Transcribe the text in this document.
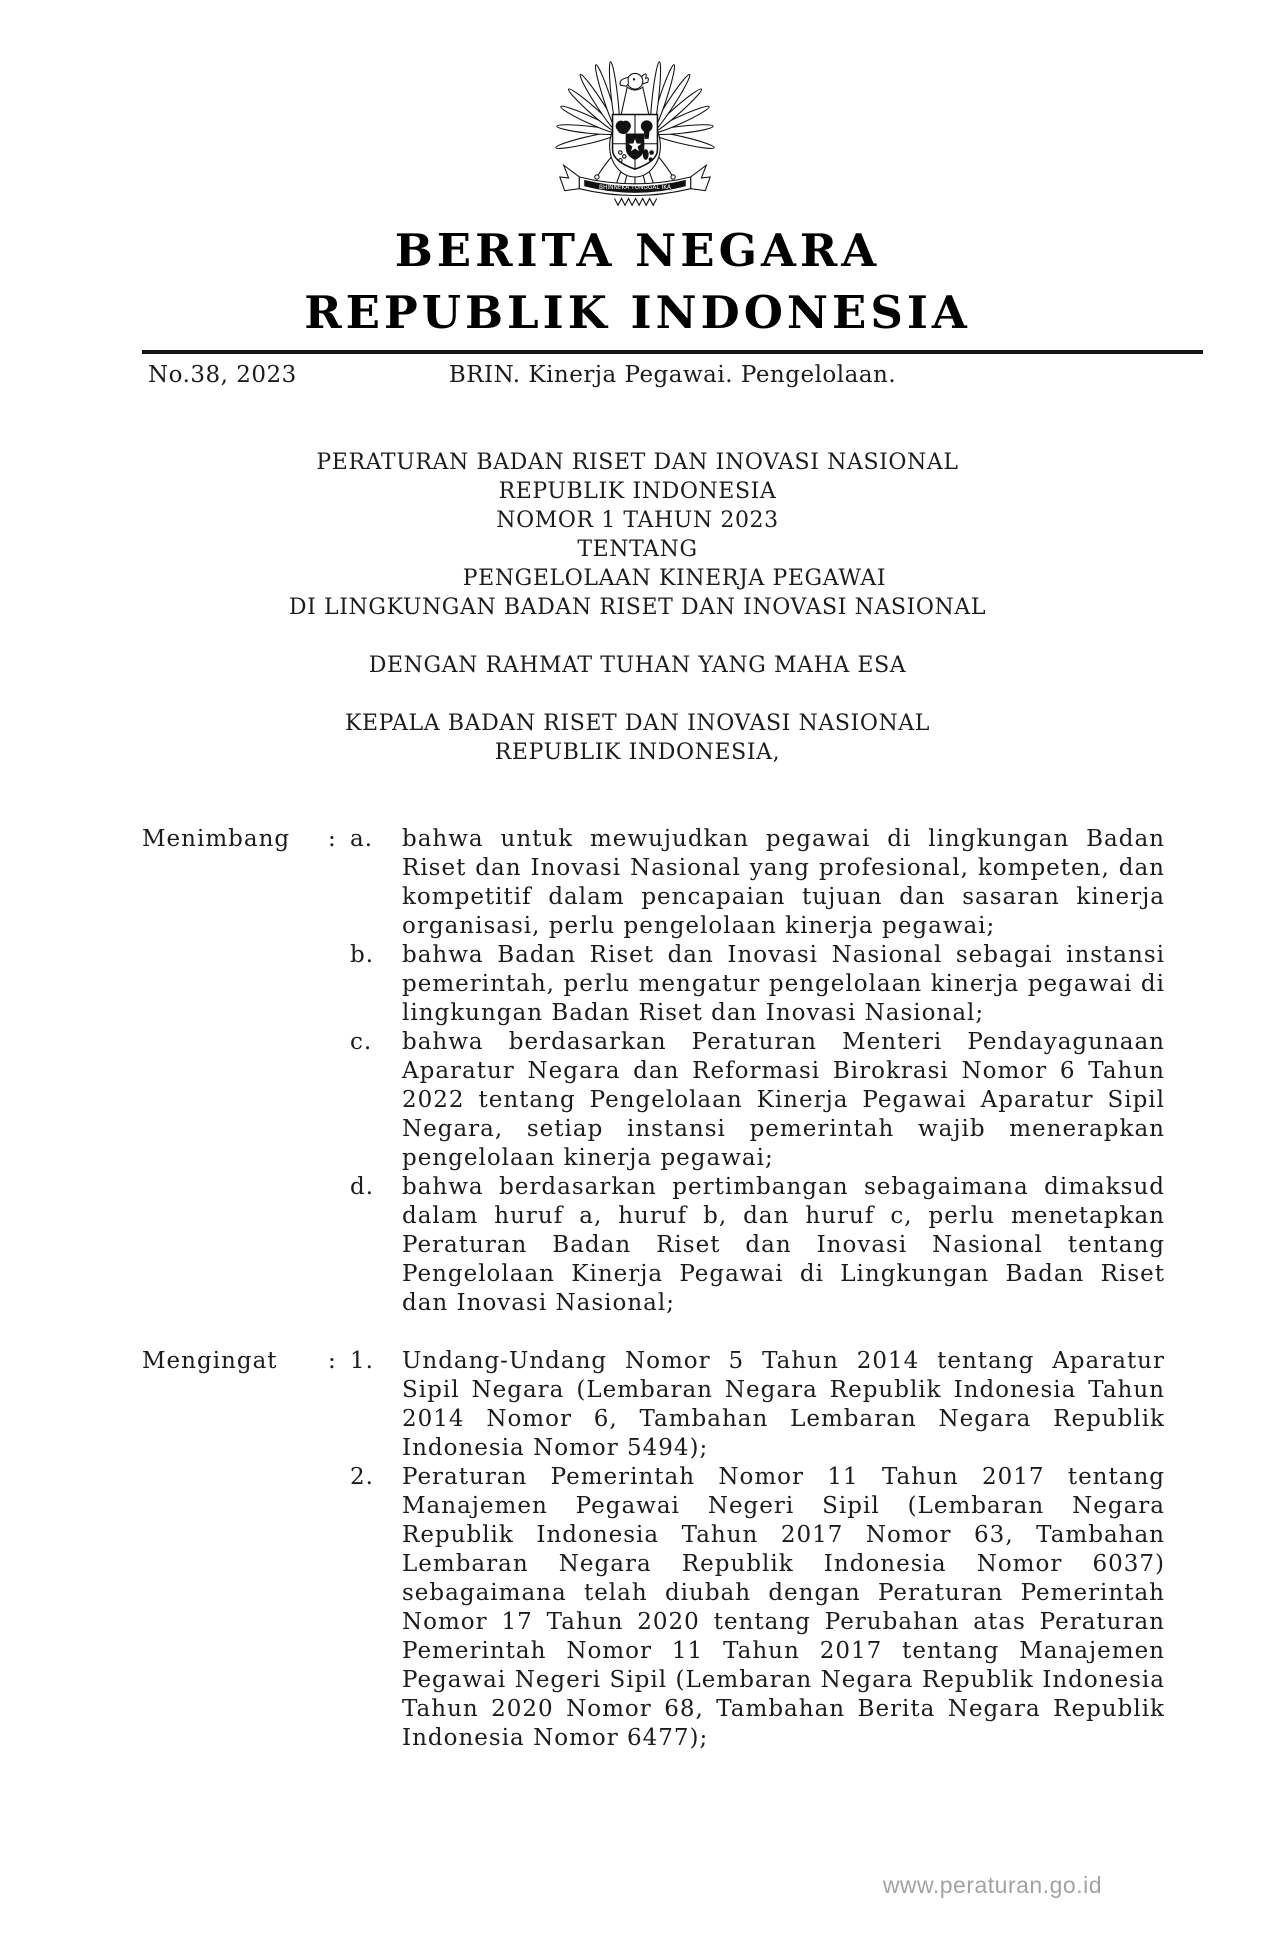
BHINNEKA TUNGGAL IKA
BERITA NEGARA
REPUBLIK INDONESIA
No.38, 2023	BRIN. Kinerja Pegawai. Pengelolaan.
PERATURAN BADAN RISET DAN INOVASI NASIONAL
REPUBLIK INDONESIA
NOMOR 1 TAHUN 2023
TENTANG
PENGELOLAAN KINERJA PEGAWAI
DI LINGKUNGAN BADAN RISET DAN INOVASI NASIONAL
DENGAN RAHMAT TUHAN YANG MAHA ESA
KEPALA BADAN RISET DAN INOVASI NASIONAL
REPUBLIK INDONESIA,
Menimbang	: a.	bahwa untuk mewujudkan pegawai di lingkungan Badan Riset dan Inovasi Nasional yang profesional, kompeten, dan kompetitif dalam pencapaian tujuan dan sasaran kinerja organisasi, perlu pengelolaan kinerja pegawai;
b.	bahwa Badan Riset dan Inovasi Nasional sebagai instansi pemerintah, perlu mengatur pengelolaan kinerja pegawai di lingkungan Badan Riset dan Inovasi Nasional;
c.	bahwa berdasarkan Peraturan Menteri Pendayagunaan Aparatur Negara dan Reformasi Birokrasi Nomor 6 Tahun 2022 tentang Pengelolaan Kinerja Pegawai Aparatur Sipil Negara, setiap instansi pemerintah wajib menerapkan pengelolaan kinerja pegawai;
d.	bahwa berdasarkan pertimbangan sebagaimana dimaksud dalam huruf a, huruf b, dan huruf c, perlu menetapkan Peraturan Badan Riset dan Inovasi Nasional tentang Pengelolaan Kinerja Pegawai di Lingkungan Badan Riset dan Inovasi Nasional;
Mengingat	: 1.	Undang-Undang Nomor 5 Tahun 2014 tentang Aparatur Sipil Negara (Lembaran Negara Republik Indonesia Tahun 2014 Nomor 6, Tambahan Lembaran Negara Republik Indonesia Nomor 5494);
2.	Peraturan Pemerintah Nomor 11 Tahun 2017 tentang Manajemen Pegawai Negeri Sipil (Lembaran Negara Republik Indonesia Tahun 2017 Nomor 63, Tambahan Lembaran Negara Republik Indonesia Nomor 6037) sebagaimana telah diubah dengan Peraturan Pemerintah Nomor 17 Tahun 2020 tentang Perubahan atas Peraturan Pemerintah Nomor 11 Tahun 2017 tentang Manajemen Pegawai Negeri Sipil (Lembaran Negara Republik Indonesia Tahun 2020 Nomor 68, Tambahan Berita Negara Republik Indonesia Nomor 6477);
www.peraturan.go.id
